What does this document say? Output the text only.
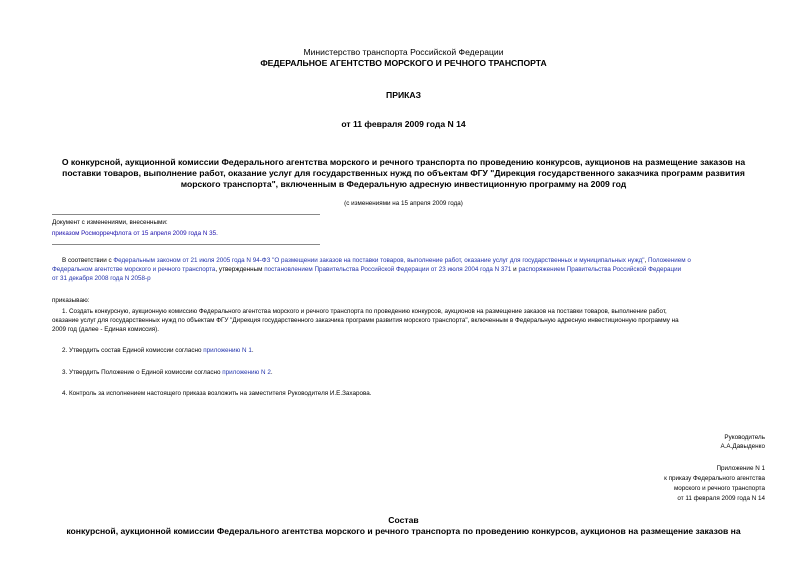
Министерство транспорта Российской Федерации
ФЕДЕРАЛЬНОЕ АГЕНТСТВО МОРСКОГО И РЕЧНОГО ТРАНСПОРТА
ПРИКАЗ
от 11 февраля 2009 года N 14
О конкурсной, аукционной комиссии Федерального агентства морского и речного транспорта по проведению конкурсов, аукционов на размещение заказов на
поставки товаров, выполнение работ, оказание услуг для государственных нужд по объектам ФГУ "Дирекция государственного заказчика программ развития
морского транспорта", включенным в Федеральную адресную инвестиционную программу на 2009 год
(с изменениями на 15 апреля 2009 года)
Документ с изменениями, внесенными:
приказом Росморречфлота от 15 апреля 2009 года N 35.
В соответствии с Федеральным законом от 21 июля 2005 года N 94-ФЗ "О размещении заказов на поставки товаров, выполнение работ, оказание услуг для государственных и муниципальных нужд", Положением о
Федеральном агентстве морского и речного транспорта, утвержденным постановлением Правительства Российской Федерации от 23 июля 2004 года N 371 и распоряжением Правительства Российской Федерации
от 31 декабря 2008 года N 2058-р
приказываю:
1. Создать конкурсную, аукционную комиссию Федерального агентства морского и речного транспорта по проведению конкурсов, аукционов на размещение заказов на поставки товаров, выполнение работ,
оказание услуг для государственных нужд по объектам ФГУ "Дирекция государственного заказчика программ развития морского транспорта", включенным в Федеральную адресную инвестиционную программу на
2009 год (далее - Единая комиссия).
2. Утвердить состав Единой комиссии согласно приложению N 1.
3. Утвердить Положение о Единой комиссии согласно приложению N 2.
4. Контроль за исполнением настоящего приказа возложить на заместителя Руководителя И.Е.Захарова.
Руководитель
А.А.Давыденко
Приложение N 1
к приказу Федерального агентства
морского и речного транспорта
от 11 февраля 2009 года N 14
Состав
конкурсной, аукционной комиссии Федерального агентства морского и речного транспорта по проведению конкурсов, аукционов на размещение заказов на
